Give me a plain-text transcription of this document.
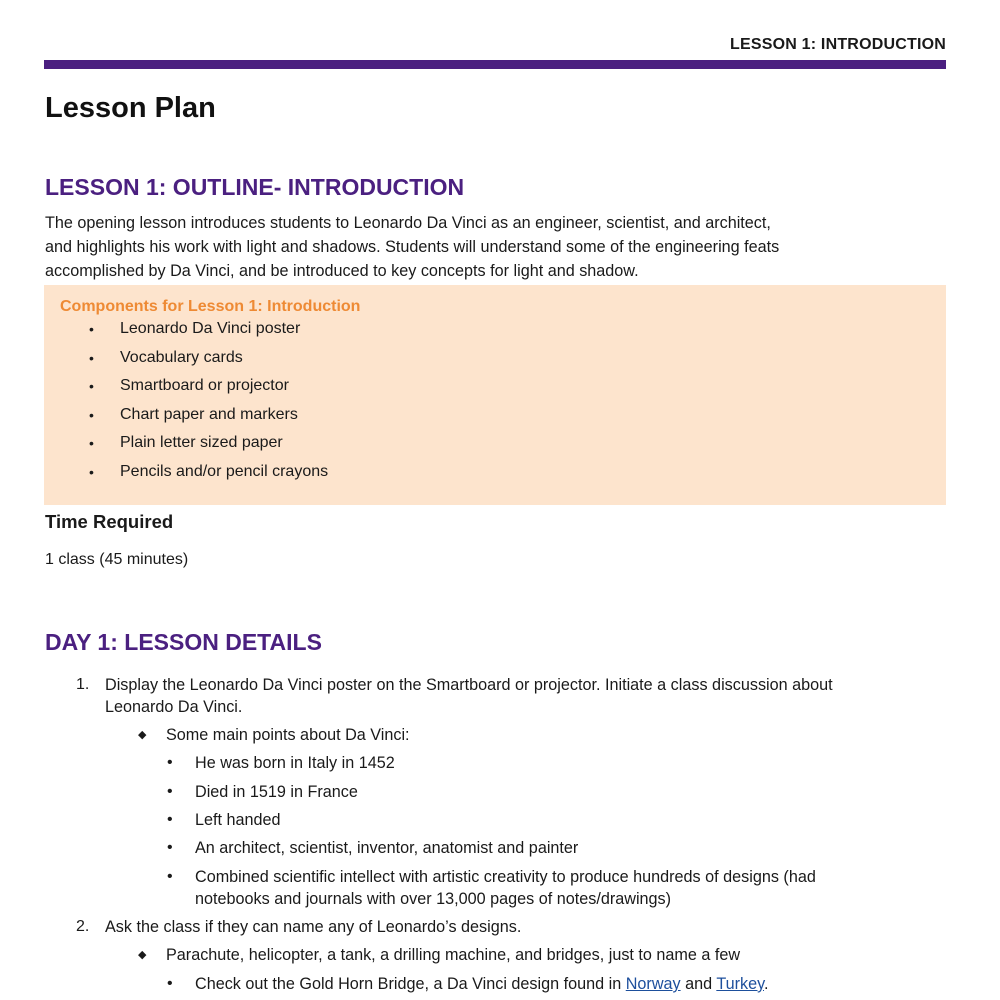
LESSON 1: INTRODUCTION
Lesson Plan
LESSON 1: OUTLINE- INTRODUCTION

The opening lesson introduces students to Leonardo Da Vinci as an engineer, scientist, and architect,
and highlights his work with light and shadows. Students will understand some of the engineering feats
accomplished by Da Vinci, and be introduced to key concepts for light and shadow.

Components for Lesson 1: Introduction
• Leonardo Da Vinci poster
• Vocabulary cards
• Smartboard or projector
• Chart paper and markers
• Plain letter sized paper
• Pencils and/or pencil crayons
Time Required

1 class (45 minutes)

DAY 1: LESSON DETAILS
1. Display the Leonardo Da Vinci poster on the Smartboard or projector. Initiate a class discussion about
Leonardo Da Vinci.
◆ Some main points about Da Vinci:
• He was born in Italy in 1452
• Died in 1519 in France
• Left handed
• An architect, scientist, inventor, anatomist and painter
• Combined scientific intellect with artistic creativity to produce hundreds of designs (had
notebooks and journals with over 13,000 pages of notes/drawings)
2. Ask the class if they can name any of Leonardo’s designs.
◆ Parachute, helicopter, a tank, a drilling machine, and bridges, just to name a few
• Check out the Gold Horn Bridge, a Da Vinci design found in Norway and Turkey.
